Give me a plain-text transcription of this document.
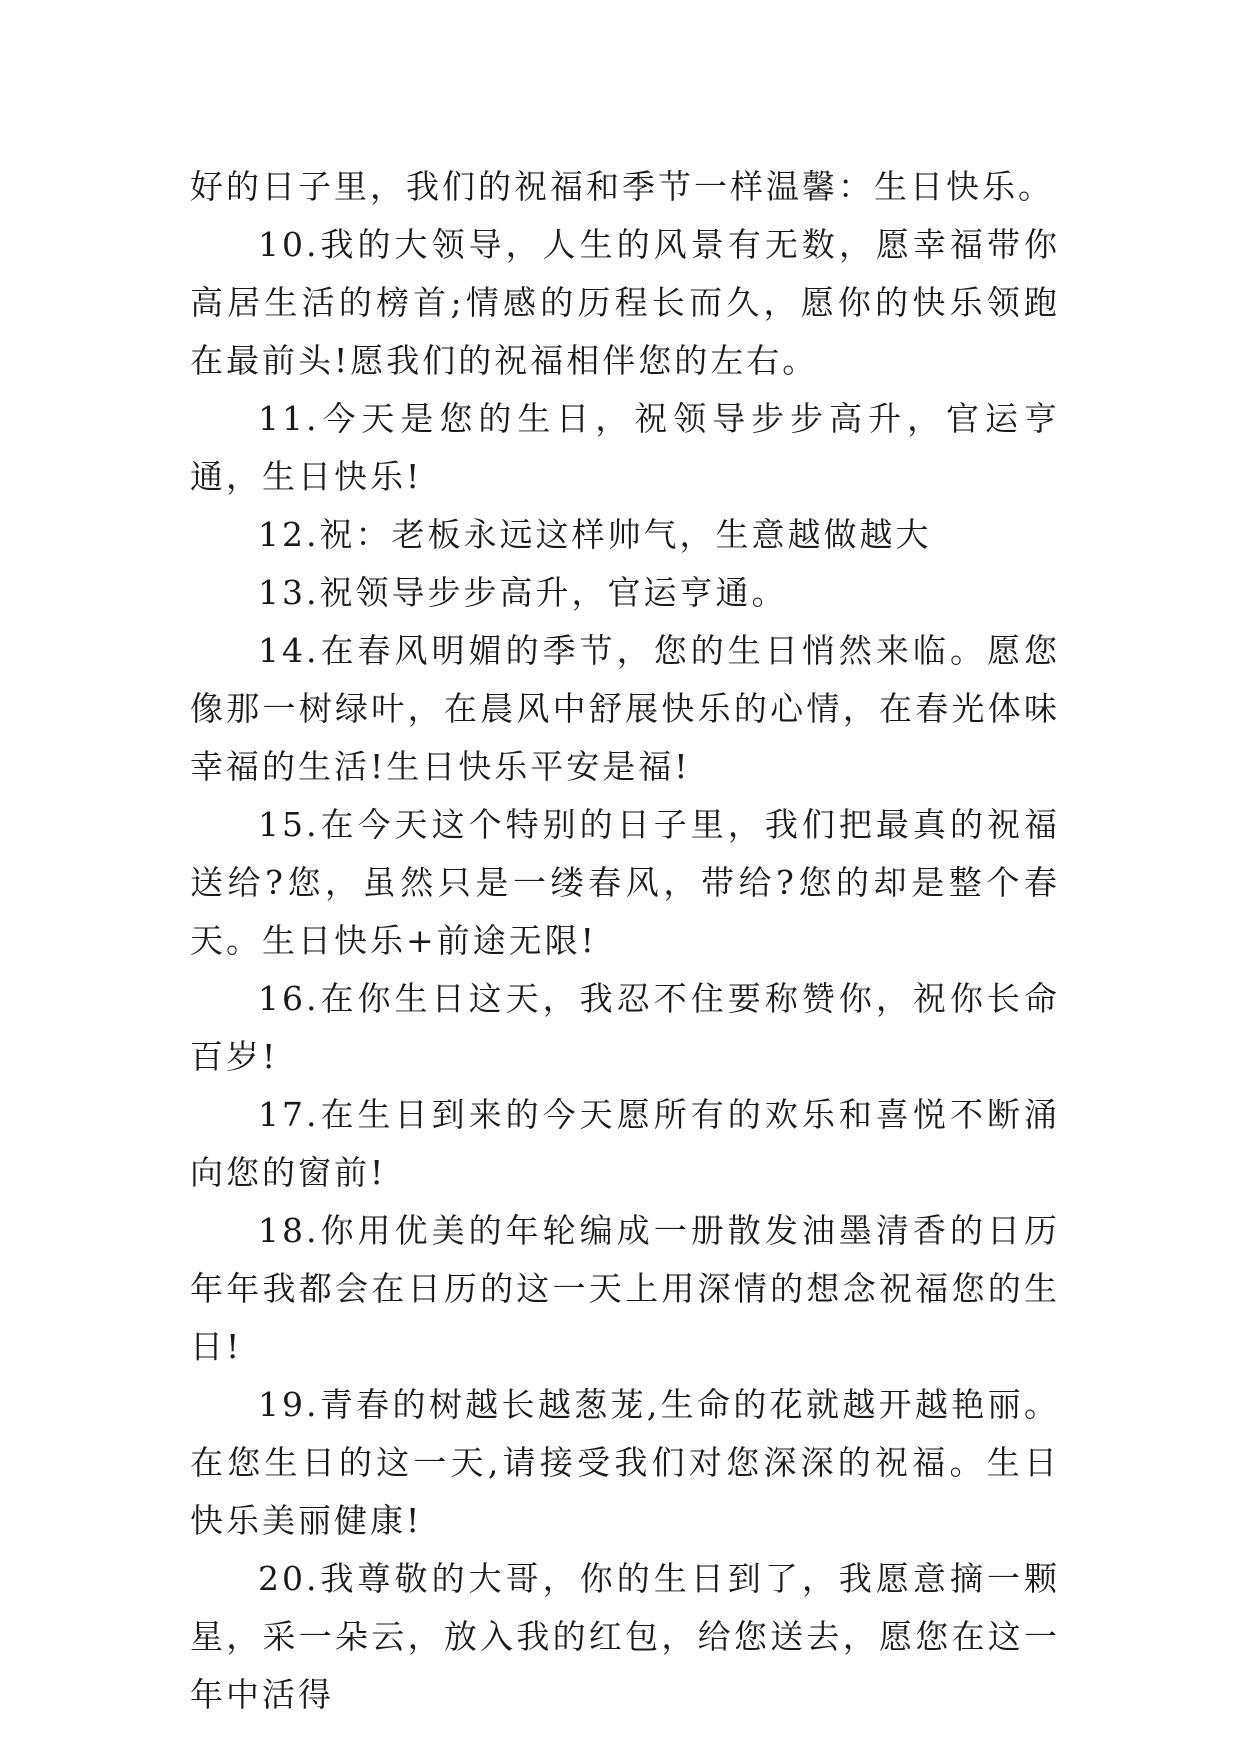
好的日子里，我们的祝福和季节一样温馨：生日快乐。

10.我的大领导，人生的风景有无数，愿幸福带你高居生活的榜首;情感的历程长而久，愿你的快乐领跑在最前头!愿我们的祝福相伴您的左右。

11.今天是您的生日，祝领导步步高升，官运亨通，生日快乐!

12.祝：老板永远这样帅气，生意越做越大

13.祝领导步步高升，官运亨通。

14.在春风明媚的季节，您的生日悄然来临。愿您像那一树绿叶，在晨风中舒展快乐的心情，在春光体味幸福的生活!生日快乐平安是福!

15.在今天这个特别的日子里，我们把最真的祝福送给?您，虽然只是一缕春风，带给?您的却是整个春天。生日快乐+前途无限!

16.在你生日这天，我忍不住要称赞你，祝你长命百岁!

17.在生日到来的今天愿所有的欢乐和喜悦不断涌向您的窗前!

18.你用优美的年轮编成一册散发油墨清香的日历年年我都会在日历的这一天上用深情的想念祝福您的生日!

19.青春的树越长越葱茏,生命的花就越开越艳丽。在您生日的这一天,请接受我们对您深深的祝福。生日快乐美丽健康!

20.我尊敬的大哥，你的生日到了，我愿意摘一颗星，采一朵云，放入我的红包，给您送去，愿您在这一年中活得
